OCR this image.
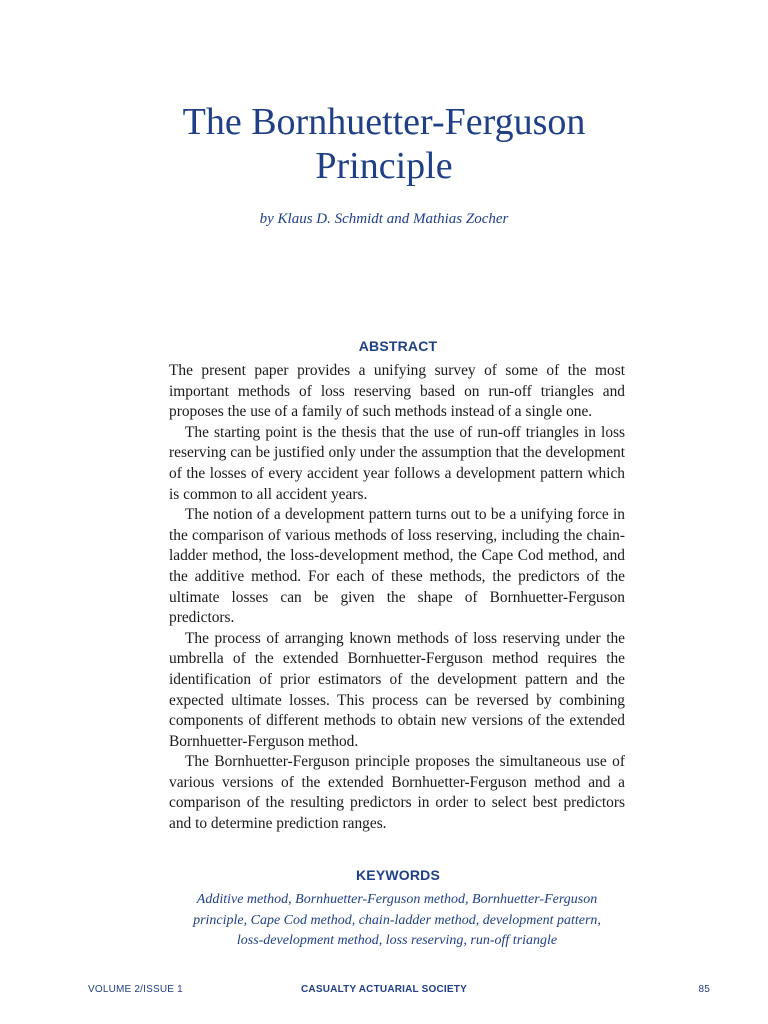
The Bornhuetter-Ferguson
Principle
by Klaus D. Schmidt and Mathias Zocher
ABSTRACT

The present paper provides a unifying survey of some of the most important methods of loss reserving based on run-off triangles and proposes the use of a family of such methods instead of a single one.

The starting point is the thesis that the use of run-off triangles in loss reserving can be justified only under the assumption that the development of the losses of every accident year follows a development pattern which is common to all accident years.

The notion of a development pattern turns out to be a unifying force in the comparison of various methods of loss reserving, including the chain-ladder method, the loss-development method, the Cape Cod method, and the additive method. For each of these methods, the predictors of the ultimate losses can be given the shape of Bornhuetter-Ferguson predictors.

The process of arranging known methods of loss reserving under the umbrella of the extended Bornhuetter-Ferguson method requires the identification of prior estimators of the development pattern and the expected ultimate losses. This process can be reversed by combining components of different methods to obtain new versions of the extended Bornhuetter-Ferguson method.

The Bornhuetter-Ferguson principle proposes the simultaneous use of various versions of the extended Bornhuetter-Ferguson method and a comparison of the resulting predictors in order to select best predictors and to determine prediction ranges.

KEYWORDS
Additive method, Bornhuetter-Ferguson method, Bornhuetter-Ferguson
principle, Cape Cod method, chain-ladder method, development pattern,
loss-development method, loss reserving, run-off triangle
VOLUME 2/ISSUE 1	CASUALTY ACTUARIAL SOCIETY	85
